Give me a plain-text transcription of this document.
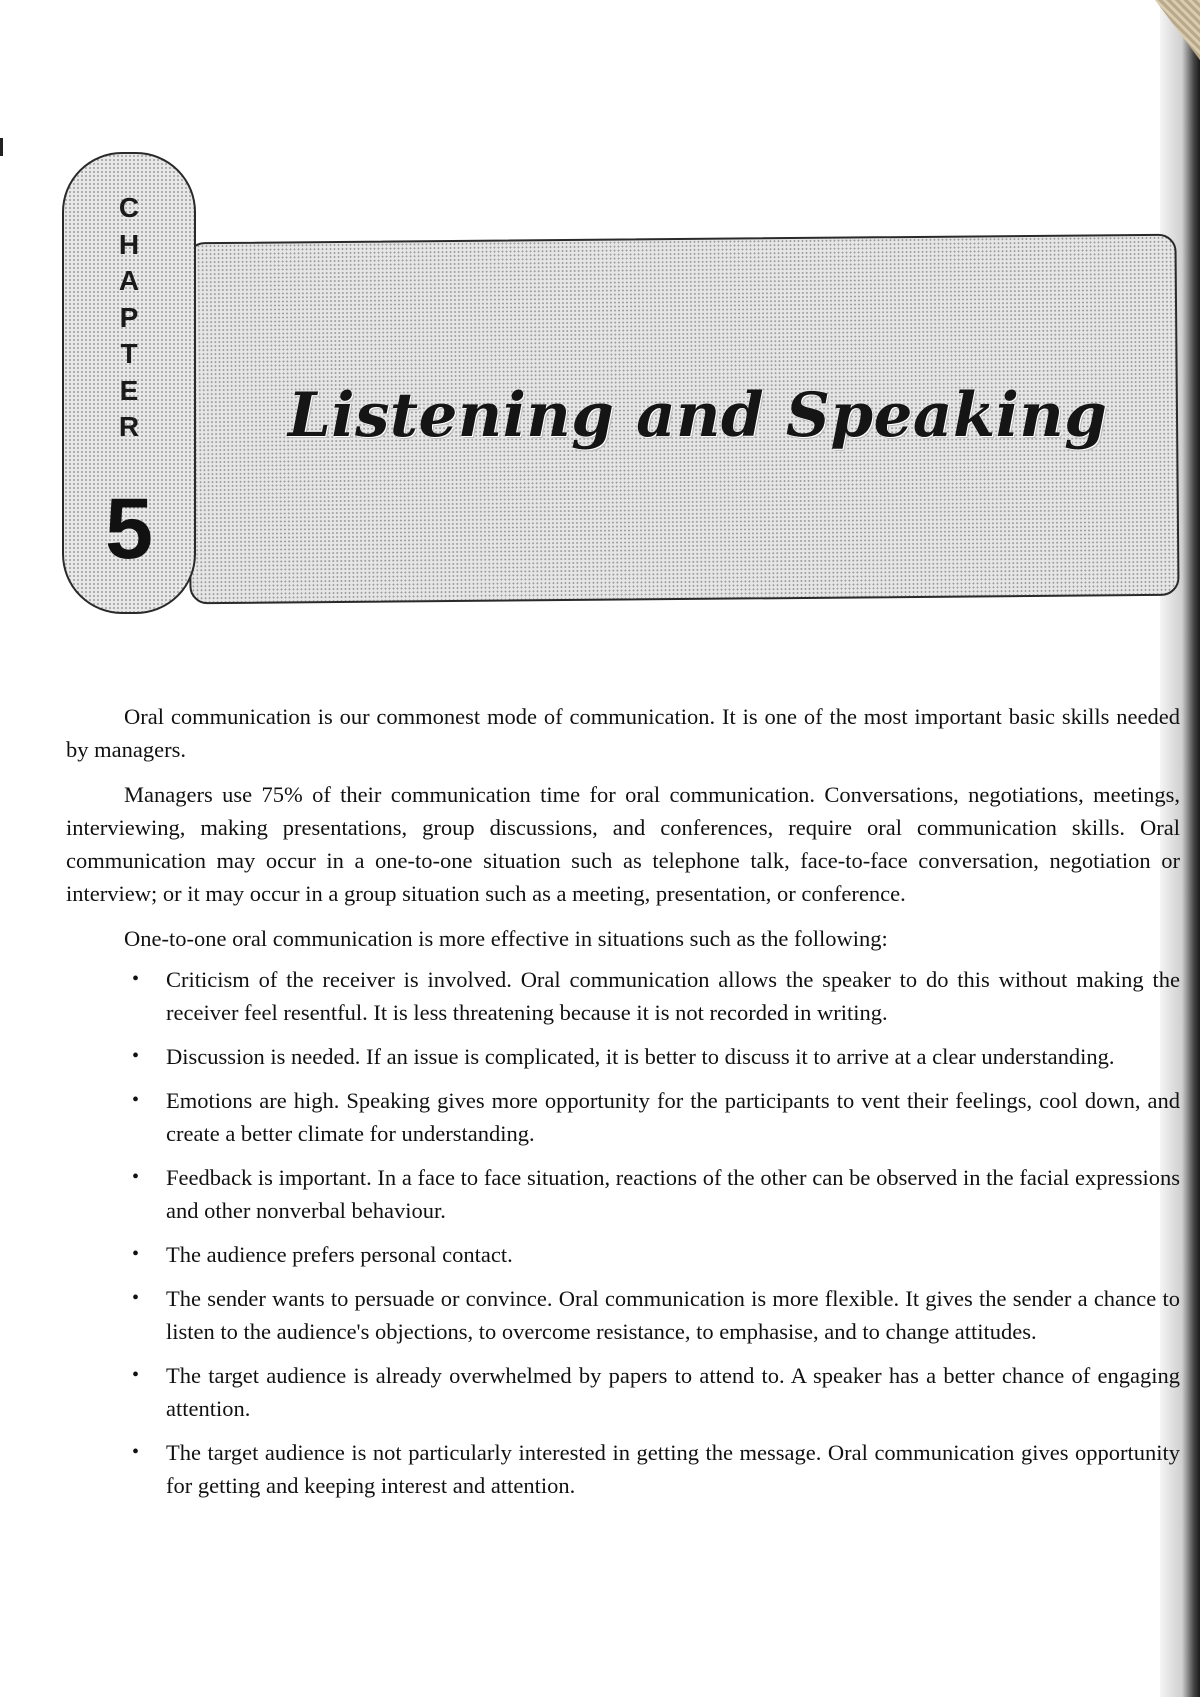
C
H
A
P
T
E
R
5
Listening and Speaking

Oral communication is our commonest mode of communication. It is one of the most important basic skills needed by managers.

Managers use 75% of their communication time for oral communication. Conversations, negotiations, meetings, interviewing, making presentations, group discussions, and conferences, require oral communication skills. Oral communication may occur in a one-to-one situation such as telephone talk, face-to-face conversation, negotiation or interview; or it may occur in a group situation such as a meeting, presentation, or conference.

One-to-one oral communication is more effective in situations such as the following:

• Criticism of the receiver is involved. Oral communication allows the speaker to do this without making the receiver feel resentful. It is less threatening because it is not recorded in writing.
• Discussion is needed. If an issue is complicated, it is better to discuss it to arrive at a clear understanding.
• Emotions are high. Speaking gives more opportunity for the participants to vent their feelings, cool down, and create a better climate for understanding.
• Feedback is important. In a face to face situation, reactions of the other can be observed in the facial expressions and other nonverbal behaviour.
• The audience prefers personal contact.
• The sender wants to persuade or convince. Oral communication is more flexible. It gives the sender a chance to listen to the audience's objections, to overcome resistance, to emphasise, and to change attitudes.
• The target audience is already overwhelmed by papers to attend to. A speaker has a better chance of engaging attention.
• The target audience is not particularly interested in getting the message. Oral communication gives opportunity for getting and keeping interest and attention.
